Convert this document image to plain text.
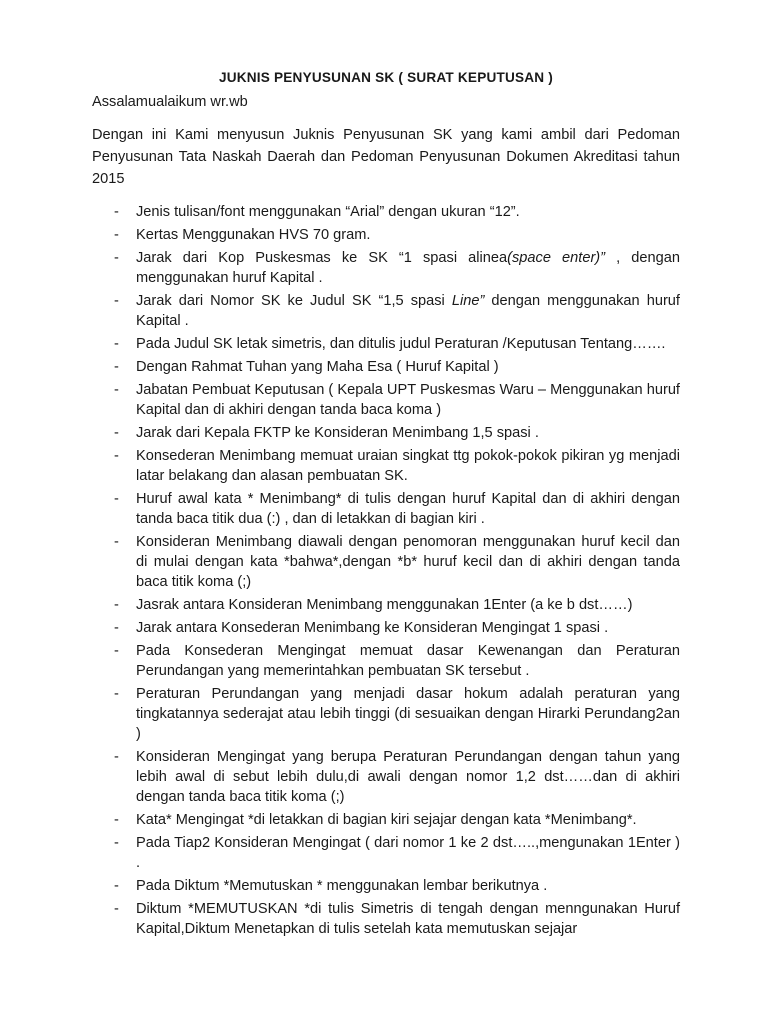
JUKNIS PENYUSUNAN SK ( SURAT KEPUTUSAN )
Assalamualaikum wr.wb
Dengan ini Kami menyusun Juknis Penyusunan SK yang kami ambil dari Pedoman Penyusunan Tata Naskah Daerah dan Pedoman Penyusunan Dokumen Akreditasi tahun 2015
- Jenis tulisan/font menggunakan “Arial” dengan ukuran “12”.
- Kertas Menggunakan HVS 70 gram.
- Jarak dari Kop Puskesmas ke SK “1 spasi alinea(space enter)” , dengan menggunakan huruf Kapital .
- Jarak dari Nomor SK ke Judul SK “1,5 spasi Line” dengan menggunakan huruf Kapital .
- Pada Judul SK letak simetris, dan ditulis judul Peraturan /Keputusan Tentang…….
- Dengan Rahmat Tuhan yang Maha Esa ( Huruf Kapital )
- Jabatan Pembuat Keputusan ( Kepala UPT Puskesmas Waru – Menggunakan huruf Kapital dan di akhiri dengan tanda baca koma )
- Jarak dari Kepala FKTP ke Konsideran Menimbang 1,5 spasi .
- Konsederan Menimbang memuat uraian singkat ttg pokok-pokok pikiran yg menjadi latar belakang dan alasan pembuatan SK.
- Huruf awal kata * Menimbang* di tulis dengan huruf Kapital dan di akhiri dengan tanda baca titik dua (:) , dan di letakkan di bagian kiri .
- Konsideran Menimbang diawali dengan penomoran menggunakan huruf kecil dan di mulai dengan kata *bahwa*,dengan *b* huruf kecil dan di akhiri dengan tanda baca titik koma (;)
- Jasrak antara Konsideran Menimbang menggunakan 1Enter (a ke b dst……)
- Jarak antara Konsederan Menimbang ke Konsideran Mengingat 1 spasi .
- Pada Konsederan Mengingat memuat dasar Kewenangan dan Peraturan Perundangan yang memerintahkan pembuatan SK tersebut .
- Peraturan Perundangan yang menjadi dasar hokum adalah peraturan yang tingkatannya sederajat atau lebih tinggi (di sesuaikan dengan Hirarki Perundang2an )
- Konsideran Mengingat yang berupa Peraturan Perundangan dengan tahun yang lebih awal di sebut lebih dulu,di awali dengan nomor 1,2 dst……dan di akhiri dengan tanda baca titik koma (;)
- Kata* Mengingat *di letakkan di bagian kiri sejajar dengan kata *Menimbang*.
- Pada Tiap2 Konsideran Mengingat ( dari nomor 1 ke 2 dst…..,mengunakan 1Enter ) .
- Pada Diktum *Memutuskan * menggunakan lembar berikutnya .
- Diktum *MEMUTUSKAN *di tulis Simetris di tengah dengan menngunakan Huruf Kapital,Diktum Menetapkan di tulis setelah kata memutuskan sejajar
